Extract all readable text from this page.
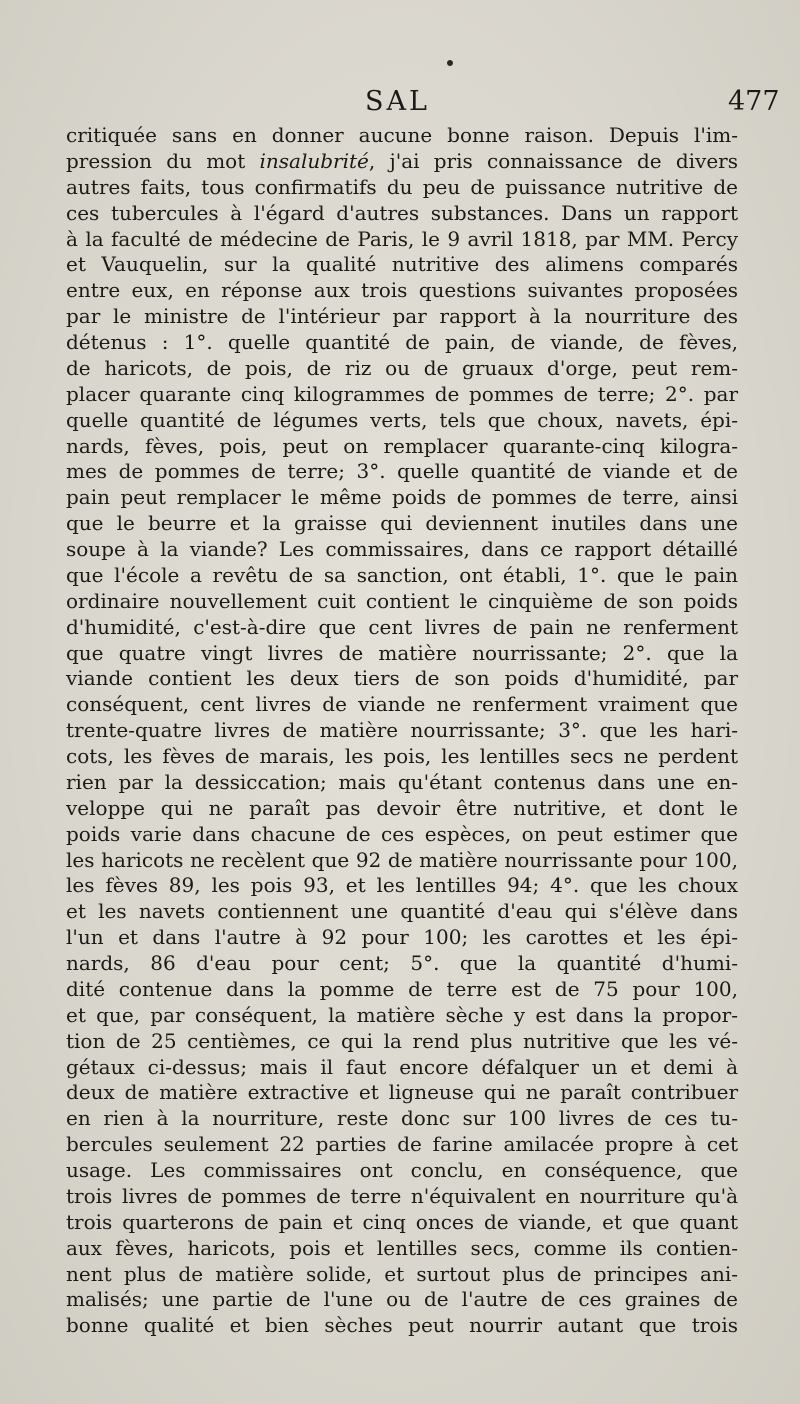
SAL	477
critiquée sans en donner aucune bonne raison. Depuis l'im-
pression du mot insalubrité, j'ai pris connaissance de divers
autres faits, tous confirmatifs du peu de puissance nutritive de
ces tubercules à l'égard d'autres substances. Dans un rapport
à la faculté de médecine de Paris, le 9 avril 1818, par MM. Percy
et Vauquelin, sur la qualité nutritive des alimens comparés
entre eux, en réponse aux trois questions suivantes proposées
par le ministre de l'intérieur par rapport à la nourriture des
détenus : 1°. quelle quantité de pain, de viande, de fèves,
de haricots, de pois, de riz ou de gruaux d'orge, peut rem-
placer quarante cinq kilogrammes de pommes de terre; 2°. par
quelle quantité de légumes verts, tels que choux, navets, épi-
nards, fèves, pois, peut on remplacer quarante-cinq kilogra-
mes de pommes de terre; 3°. quelle quantité de viande et de
pain peut remplacer le même poids de pommes de terre, ainsi
que le beurre et la graisse qui deviennent inutiles dans une
soupe à la viande? Les commissaires, dans ce rapport détaillé
que l'école a revêtu de sa sanction, ont établi, 1°. que le pain
ordinaire nouvellement cuit contient le cinquième de son poids
d'humidité, c'est-à-dire que cent livres de pain ne renferment
que quatre vingt livres de matière nourrissante; 2°. que la
viande contient les deux tiers de son poids d'humidité, par
conséquent, cent livres de viande ne renferment vraiment que
trente-quatre livres de matière nourrissante; 3°. que les hari-
cots, les fèves de marais, les pois, les lentilles secs ne perdent
rien par la dessiccation; mais qu'étant contenus dans une en-
veloppe qui ne paraît pas devoir être nutritive, et dont le
poids varie dans chacune de ces espèces, on peut estimer que
les haricots ne recèlent que 92 de matière nourrissante pour 100,
les fèves 89, les pois 93, et les lentilles 94; 4°. que les choux
et les navets contiennent une quantité d'eau qui s'élève dans
l'un et dans l'autre à 92 pour 100; les carottes et les épi-
nards, 86 d'eau pour cent; 5°. que la quantité d'humi-
dité contenue dans la pomme de terre est de 75 pour 100,
et que, par conséquent, la matière sèche y est dans la propor-
tion de 25 centièmes, ce qui la rend plus nutritive que les vé-
gétaux ci-dessus; mais il faut encore défalquer un et demi à
deux de matière extractive et ligneuse qui ne paraît contribuer
en rien à la nourriture, reste donc sur 100 livres de ces tu-
bercules seulement 22 parties de farine amilacée propre à cet
usage. Les commissaires ont conclu, en conséquence, que
trois livres de pommes de terre n'équivalent en nourriture qu'à
trois quarterons de pain et cinq onces de viande, et que quant
aux fèves, haricots, pois et lentilles secs, comme ils contien-
nent plus de matière solide, et surtout plus de principes ani-
malisés; une partie de l'une ou de l'autre de ces graines de
bonne qualité et bien sèches peut nourrir autant que trois
